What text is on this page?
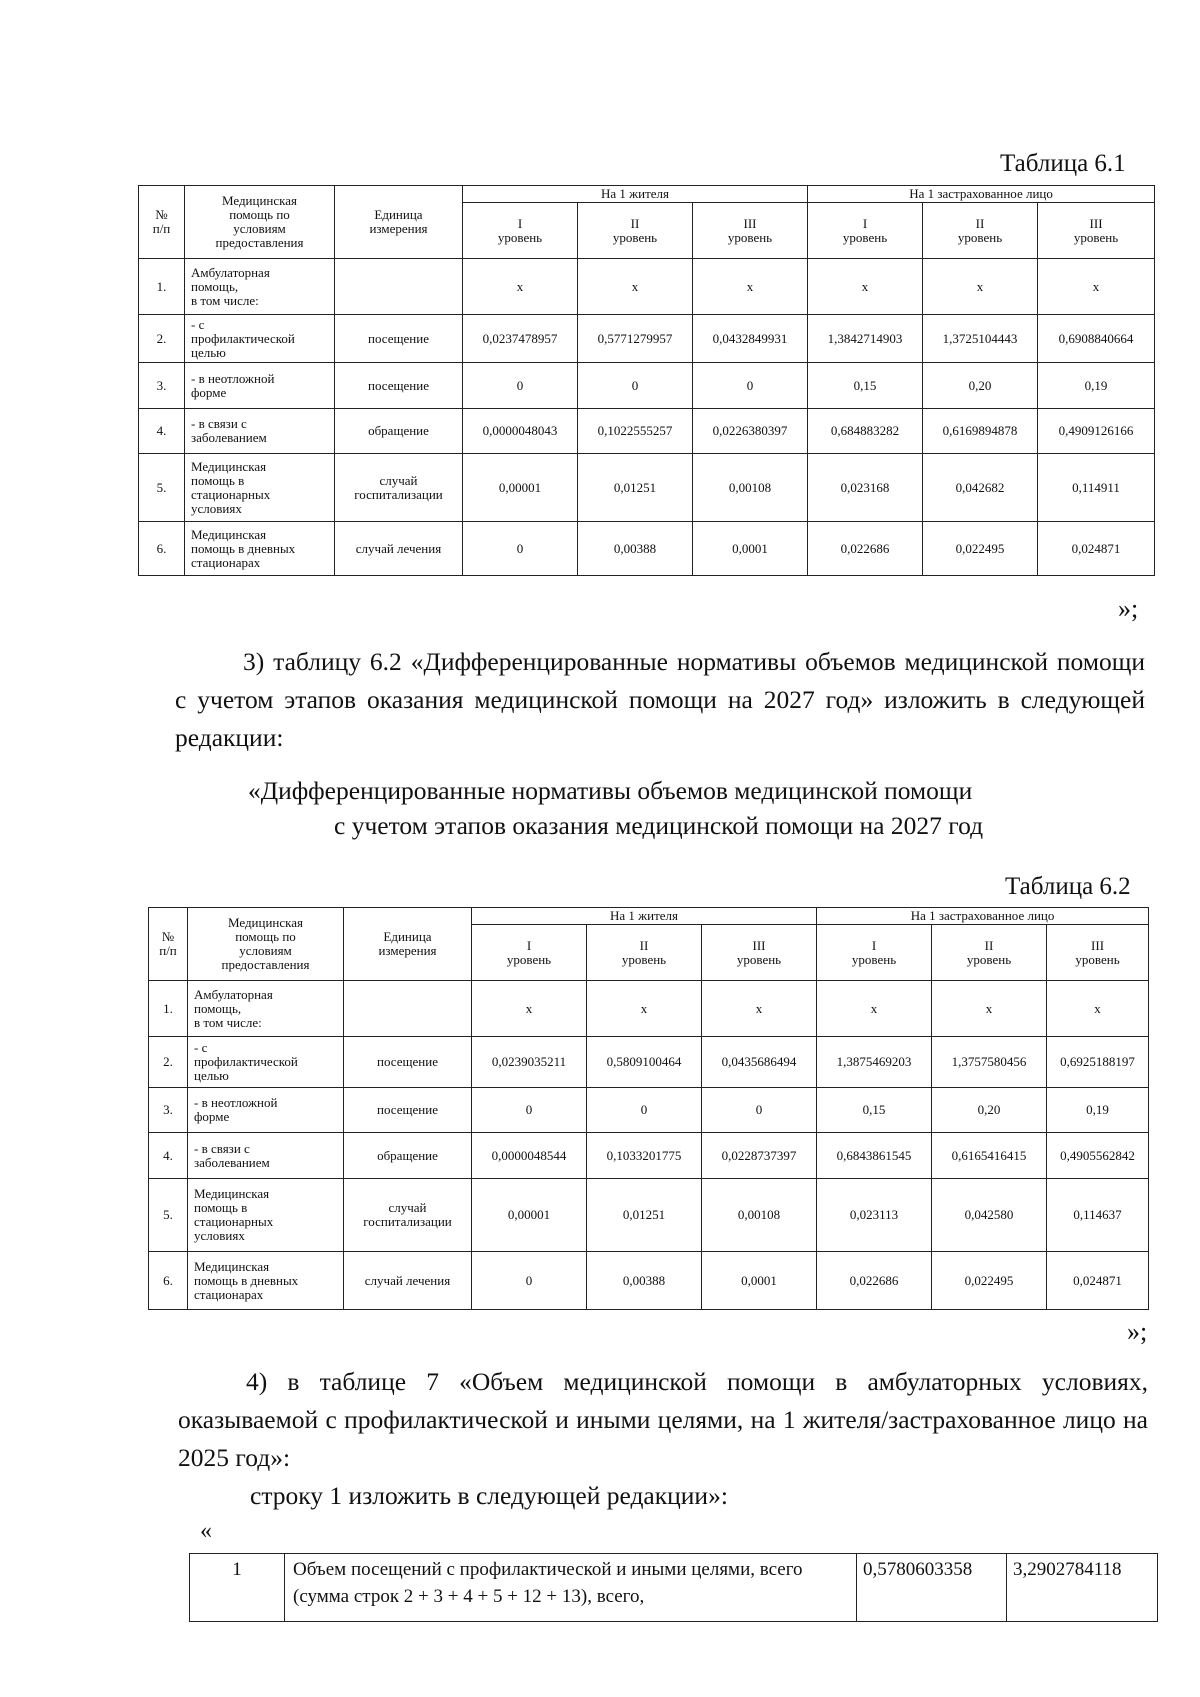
Таблица 6.1
№
п/п	Медицинская
помощь по
условиям
предоставления	Единица
измерения	На 1 жителя			На 1 застрахованное лицо		
			I
уровень	II
уровень	III
уровень	I
уровень	II
уровень	III
уровень
1.	Амбулаторная
помощь,
в том числе:		х	х	х	х	х	х
2.	- с
профилактической
целью	посещение	0,0237478957	0,5771279957	0,0432849931	1,3842714903	1,3725104443	0,6908840664
3.	- в неотложной
форме	посещение	0	0	0	0,15	0,20	0,19
4.	- в связи с
заболеванием	обращение	0,0000048043	0,1022555257	0,0226380397	0,684883282	0,6169894878	0,4909126166
5.	Медицинская
помощь в
стационарных
условиях	случай
госпитализации	0,00001	0,01251	0,00108	0,023168	0,042682	0,114911
6.	Медицинская
помощь в дневных
стационарах	случай лечения	0	0,00388	0,0001	0,022686	0,022495	0,024871
»;
3) таблицу 6.2 «Дифференцированные нормативы объемов медицинской помощи с учетом этапов оказания медицинской помощи на 2027 год» изложить в следующей редакции:
«Дифференцированные нормативы объемов медицинской помощи
с учетом этапов оказания медицинской помощи на 2027 год
Таблица 6.2
№
п/п	Медицинская
помощь по
условиям
предоставления	Единица
измерения	На 1 жителя			На 1 застрахованное лицо		
			I
уровень	II
уровень	III
уровень	I
уровень	II
уровень	III
уровень
1.	Амбулаторная
помощь,
в том числе:		х	х	х	х	х	х
2.	- с
профилактической
целью	посещение	0,0239035211	0,5809100464	0,0435686494	1,3875469203	1,3757580456	0,6925188197
3.	- в неотложной
форме	посещение	0	0	0	0,15	0,20	0,19
4.	- в связи с
заболеванием	обращение	0,0000048544	0,1033201775	0,0228737397	0,6843861545	0,6165416415	0,4905562842
5.	Медицинская
помощь в
стационарных
условиях	случай
госпитализации	0,00001	0,01251	0,00108	0,023113	0,042580	0,114637
6.	Медицинская
помощь в дневных
стационарах	случай лечения	0	0,00388	0,0001	0,022686	0,022495	0,024871
»;
4) в таблице 7 «Объем медицинской помощи в амбулаторных условиях, оказываемой с профилактической и иными целями, на 1 жителя/застрахованное лицо на 2025 год»:
строку 1 изложить в следующей редакции»:
«
1	Объем посещений с профилактической и иными целями, всего (сумма строк 2 + 3 + 4 + 5 + 12 + 13), всего,	0,5780603358	3,2902784118
